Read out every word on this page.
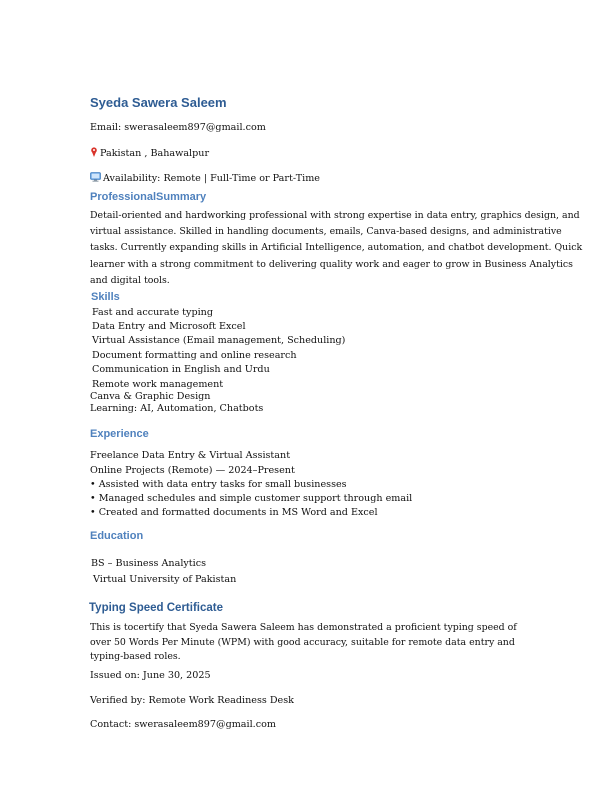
Syeda Sawera Saleem
Email: swerasaleem897@gmail.com
Pakistan , Bahawalpur
Availability: Remote | Full-Time or Part-Time
ProfessionalSummary
Detail-oriented and hardworking professional with strong expertise in data entry, graphics design, and virtual assistance. Skilled in handling documents, emails, Canva-based designs, and administrative tasks. Currently expanding skills in Artificial Intelligence, automation, and chatbot development. Quick learner with a strong commitment to delivering quality work and eager to grow in Business Analytics and digital tools.
Skills
Fast and accurate typing
Data Entry and Microsoft Excel
Virtual Assistance (Email management, Scheduling)
Document formatting and online research
Communication in English and Urdu
Remote work management
Canva & Graphic Design
Learning: AI, Automation, Chatbots
Experience
Freelance Data Entry & Virtual Assistant
Online Projects (Remote) — 2024–Present
• Assisted with data entry tasks for small businesses
• Managed schedules and simple customer support through email
• Created and formatted documents in MS Word and Excel
Education
BS – Business Analytics
Virtual University of Pakistan
Typing Speed Certificate
This is tocertify that Syeda Sawera Saleem has demonstrated a proficient typing speed of over 50 Words Per Minute (WPM) with good accuracy, suitable for remote data entry and typing-based roles.
Issued on: June 30, 2025
Verified by: Remote Work Readiness Desk
Contact: swerasaleem897@gmail.com
